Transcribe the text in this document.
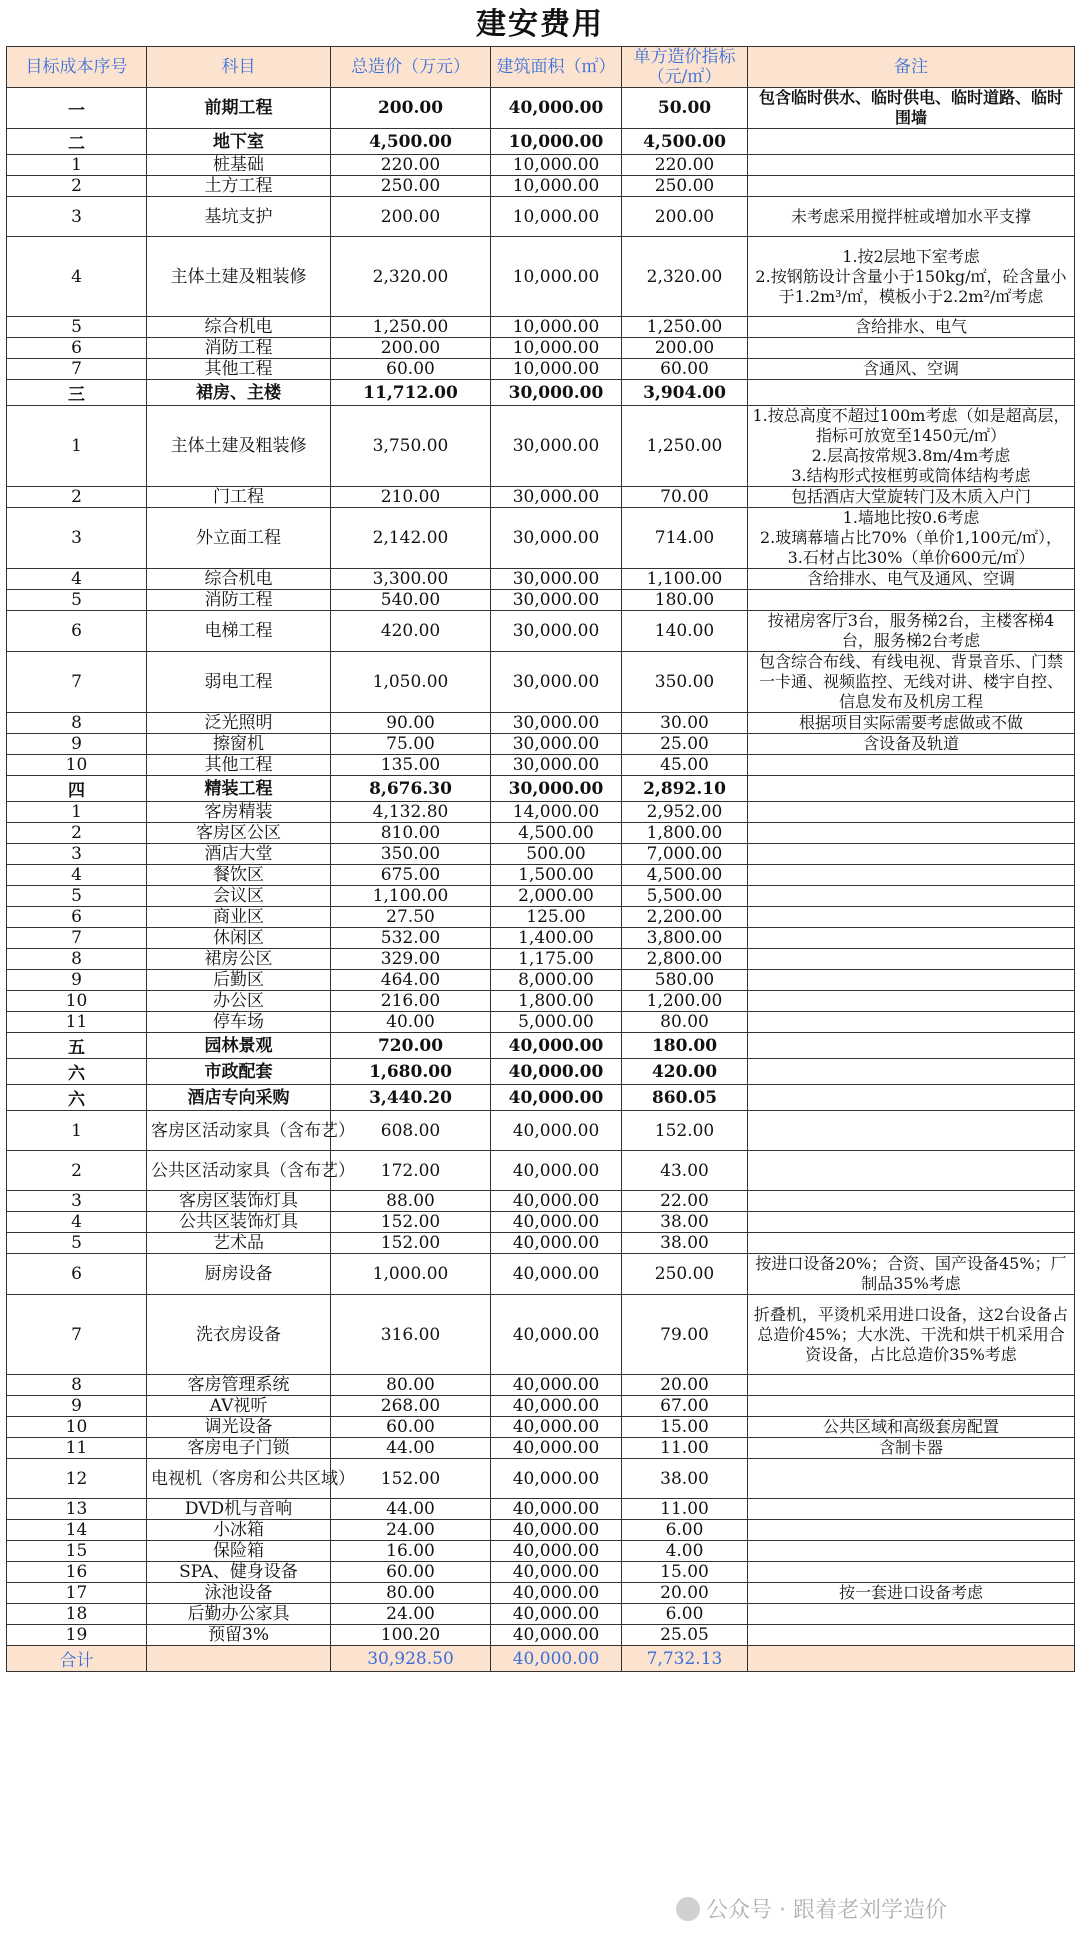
建安费用
目标成本序号	科目	总造价（万元）	建筑面积（㎡）	单方造价指标（元/㎡）	备注
一	前期工程	200.00	40,000.00	50.00	包含临时供水、临时供电、临时道路、临时围墙
二	地下室	4,500.00	10,000.00	4,500.00	
1	桩基础	220.00	10,000.00	220.00	
2	土方工程	250.00	10,000.00	250.00	
3	基坑支护	200.00	10,000.00	200.00	未考虑采用搅拌桩或增加水平支撑
4	主体土建及粗装修	2,320.00	10,000.00	2,320.00	1.按2层地下室考虑
2.按钢筋设计含量小于150kg/㎡，砼含量小于1.2m³/㎡，模板小于2.2m²/㎡考虑
5	综合机电	1,250.00	10,000.00	1,250.00	含给排水、电气
6	消防工程	200.00	10,000.00	200.00	
7	其他工程	60.00	10,000.00	60.00	含通风、空调
三	裙房、主楼	11,712.00	30,000.00	3,904.00	
1	主体土建及粗装修	3,750.00	30,000.00	1,250.00	1.按总高度不超过100m考虑（如是超高层，指标可放宽至1450元/㎡）
2.层高按常规3.8m/4m考虑
3.结构形式按框剪或筒体结构考虑
2	门工程	210.00	30,000.00	70.00	包括酒店大堂旋转门及木质入户门
3	外立面工程	2,142.00	30,000.00	714.00	1.墙地比按0.6考虑
2.玻璃幕墙占比70%（单价1,100元/㎡），
3.石材占比30%（单价600元/㎡）
4	综合机电	3,300.00	30,000.00	1,100.00	含给排水、电气及通风、空调
5	消防工程	540.00	30,000.00	180.00	
6	电梯工程	420.00	30,000.00	140.00	按裙房客厅3台，服务梯2台，主楼客梯4台，服务梯2台考虑
7	弱电工程	1,050.00	30,000.00	350.00	包含综合布线、有线电视、背景音乐、门禁一卡通、视频监控、无线对讲、楼宇自控、信息发布及机房工程
8	泛光照明	90.00	30,000.00	30.00	根据项目实际需要考虑做或不做
9	擦窗机	75.00	30,000.00	25.00	含设备及轨道
10	其他工程	135.00	30,000.00	45.00	
四	精装工程	8,676.30	30,000.00	2,892.10	
1	客房精装	4,132.80	14,000.00	2,952.00	
2	客房区公区	810.00	4,500.00	1,800.00	
3	酒店大堂	350.00	500.00	7,000.00	
4	餐饮区	675.00	1,500.00	4,500.00	
5	会议区	1,100.00	2,000.00	5,500.00	
6	商业区	27.50	125.00	2,200.00	
7	休闲区	532.00	1,400.00	3,800.00	
8	裙房公区	329.00	1,175.00	2,800.00	
9	后勤区	464.00	8,000.00	580.00	
10	办公区	216.00	1,800.00	1,200.00	
11	停车场	40.00	5,000.00	80.00	
五	园林景观	720.00	40,000.00	180.00	
六	市政配套	1,680.00	40,000.00	420.00	
六	酒店专向采购	3,440.20	40,000.00	860.05	
1	客房区活动家具（含布艺）	608.00	40,000.00	152.00	
2	公共区活动家具（含布艺）	172.00	40,000.00	43.00	
3	客房区装饰灯具	88.00	40,000.00	22.00	
4	公共区装饰灯具	152.00	40,000.00	38.00	
5	艺术品	152.00	40,000.00	38.00	
6	厨房设备	1,000.00	40,000.00	250.00	按进口设备20%；合资、国产设备45%；厂制品35%考虑
7	洗衣房设备	316.00	40,000.00	79.00	折叠机，平烫机采用进口设备，这2台设备占总造价45%；大水洗、干洗和烘干机采用合资设备，占比总造价35%考虑
8	客房管理系统	80.00	40,000.00	20.00	
9	AV视听	268.00	40,000.00	67.00	
10	调光设备	60.00	40,000.00	15.00	公共区域和高级套房配置
11	客房电子门锁	44.00	40,000.00	11.00	含制卡器
12	电视机（客房和公共区域）	152.00	40,000.00	38.00	
13	DVD机与音响	44.00	40,000.00	11.00	
14	小冰箱	24.00	40,000.00	6.00	
15	保险箱	16.00	40,000.00	4.00	
16	SPA、健身设备	60.00	40,000.00	15.00	
17	泳池设备	80.00	40,000.00	20.00	按一套进口设备考虑
18	后勤办公家具	24.00	40,000.00	6.00	
19	预留3%	100.20	40,000.00	25.05	
合计		30,928.50	40,000.00	7,732.13	
公众号 · 跟着老刘学造价
